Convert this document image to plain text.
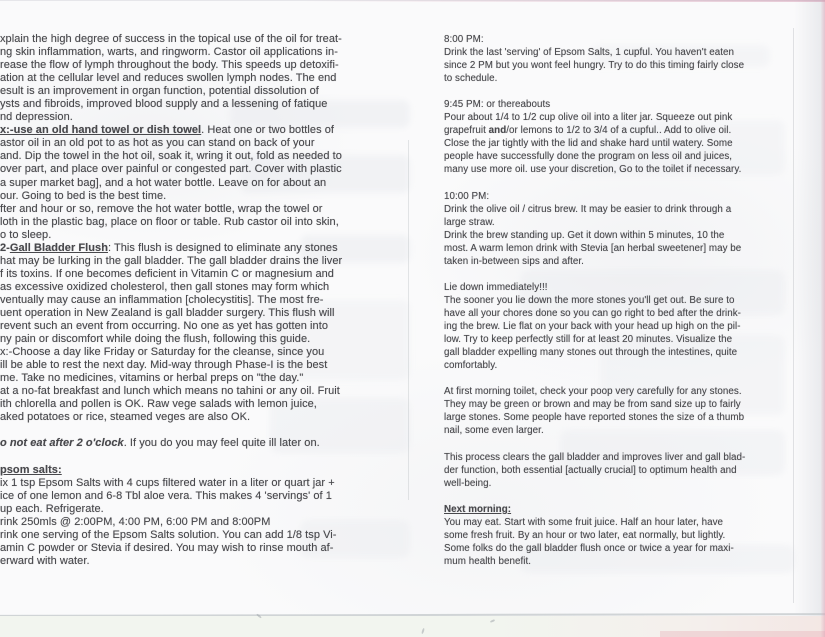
xplain the high degree of success in the topical use of the oil for treat-
ng skin inflammation, warts, and ringworm. Castor oil applications in-
rease the flow of lymph throughout the body. This speeds up detoxifi-
ation at the cellular level and reduces swollen lymph nodes. The end
esult is an improvement in organ function, potential dissolution of
ysts and fibroids, improved blood supply and a lessening of fatique
nd depression.
x:-use an old hand towel or dish towel. Heat one or two bottles of
astor oil in an old pot to as hot as you can stand on back of your
and. Dip the towel in the hot oil, soak it, wring it out, fold as needed to
over part, and place over painful or congested part. Cover with plastic
a super market bag], and a hot water bottle. Leave on for about an
our. Going to bed is the best time.
fter and hour or so, remove the hot water bottle, wrap the towel or
loth in the plastic bag, place on floor or table. Rub castor oil into skin,
o to sleep.
2-Gall Bladder Flush: This flush is designed to eliminate any stones
hat may be lurking in the gall bladder. The gall bladder drains the liver
f its toxins. If one becomes deficient in Vitamin C or magnesium and
as excessive oxidized cholesterol, then gall stones may form which
ventually may cause an inflammation [cholecystitis]. The most fre-
uent operation in New Zealand is gall bladder surgery. This flush will
revent such an event from occurring. No one as yet has gotten into
ny pain or discomfort while doing the flush, following this guide.
x:-Choose a day like Friday or Saturday for the cleanse, since you
ill be able to rest the next day. Mid-way through Phase-I is the best
me. Take no medicines, vitamins or herbal preps on "the day."
at a no-fat breakfast and lunch which means no tahini or any oil. Fruit
ith chlorella and pollen is OK. Raw vege salads with lemon juice,
aked potatoes or rice, steamed veges are also OK.
o not eat after 2 o'clock. If you do you may feel quite ill later on.
psom salts:
ix 1 tsp Epsom Salts with 4 cups filtered water in a liter or quart jar +
ice of one lemon and 6-8 Tbl aloe vera. This makes 4 'servings' of 1
up each. Refrigerate.
rink 250mls @ 2:00PM, 4:00 PM, 6:00 PM and 8:00PM
rink one serving of the Epsom Salts solution. You can add 1/8 tsp Vi-
amin C powder or Stevia if desired. You may wish to rinse mouth af-
erward with water.
8:00 PM:
Drink the last 'serving' of Epsom Salts, 1 cupful. You haven't eaten
since 2 PM but you wont feel hungry. Try to do this timing fairly close
to schedule.
9:45 PM: or thereabouts
Pour about 1/4 to 1/2 cup olive oil into a liter jar. Squeeze out pink
grapefruit and/or lemons to 1/2 to 3/4 of a cupful.. Add to olive oil.
Close the jar tightly with the lid and shake hard until watery. Some
people have successfully done the program on less oil and juices,
many use more oil. use your discretion, Go to the toilet if necessary.
10:00 PM:
Drink the olive oil / citrus brew. It may be easier to drink through a
large straw.
Drink the brew standing up. Get it down within 5 minutes, 10 the
most. A warm lemon drink with Stevia [an herbal sweetener] may be
taken in-between sips and after.
Lie down immediately!!!
The sooner you lie down the more stones you'll get out. Be sure to
have all your chores done so you can go right to bed after the drink-
ing the brew. Lie flat on your back with your head up high on the pil-
low. Try to keep perfectly still for at least 20 minutes. Visualize the
gall bladder expelling many stones out through the intestines, quite
comfortably.
At first morning toilet, check your poop very carefully for any stones.
They may be green or brown and may be from sand size up to fairly
large stones. Some people have reported stones the size of a thumb
nail, some even larger.
This process clears the gall bladder and improves liver and gall blad-
der function, both essential [actually crucial] to optimum health and
well-being.
Next morning:
You may eat. Start with some fruit juice. Half an hour later, have
some fresh fruit. By an hour or two later, eat normally, but lightly.
Some folks do the gall bladder flush once or twice a year for maxi-
mum health benefit.
